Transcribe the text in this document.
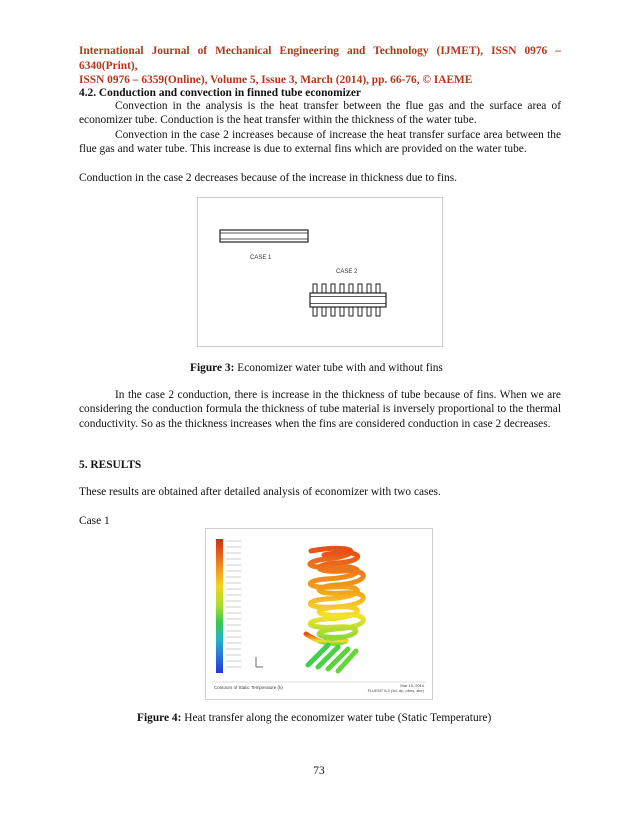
International Journal of Mechanical Engineering and Technology (IJMET), ISSN 0976 – 6340(Print),
ISSN 0976 – 6359(Online), Volume 5, Issue 3, March (2014), pp. 66-76, © IAEME
4.2. Conduction and convection in finned tube economizer
Convection in the analysis is the heat transfer between the flue gas and the surface area of economizer tube. Conduction is the heat transfer within the thickness of the water tube.
Convection in the case 2 increases because of increase the heat transfer surface area between the flue gas and water tube. This increase is due to external fins which are provided on the water tube.
Conduction in the case 2 decreases because of the increase in thickness due to fins.
CASE 1
CASE 2
Figure 3: Economizer water tube with and without fins
In the case 2 conduction, there is increase in the thickness of tube because of fins. When we are considering the conduction formula the thickness of tube material is inversely proportional to the thermal conductivity. So as the thickness increases when the fins are considered conduction in case 2 decreases.
5. RESULTS
These results are obtained after detailed analysis of economizer with two cases.
Case 1
Contours of Static Temperature (k)	Mar 15, 2014
FLUENT 6.3 (3d, dp, pbns, ske)
Figure 4: Heat transfer along the economizer water tube (Static Temperature)
73
